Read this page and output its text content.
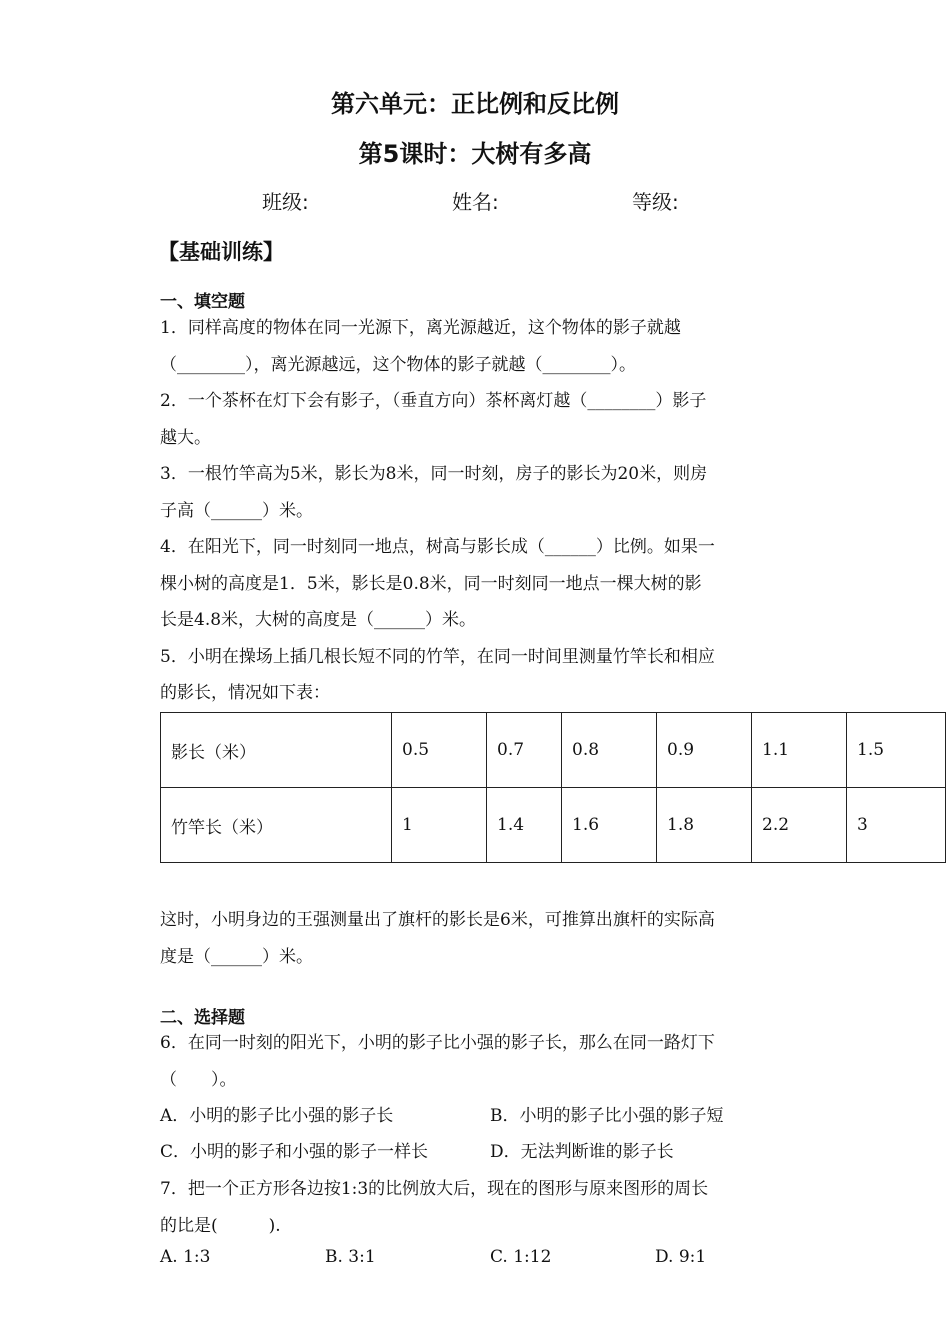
第六单元：正比例和反比例
第5课时：大树有多高
班级:	姓名:	等级:
【基础训练】
一、填空题
1．同样高度的物体在同一光源下，离光源越近，这个物体的影子就越
（________），离光源越远，这个物体的影子就越（________）。
2．一个茶杯在灯下会有影子，（垂直方向）茶杯离灯越（________）影子
越大。
3．一根竹竿高为5米，影长为8米，同一时刻，房子的影长为20米，则房
子高（______）米。
4．在阳光下，同一时刻同一地点，树高与影长成（______）比例。如果一
棵小树的高度是1．5米，影长是0.8米，同一时刻同一地点一棵大树的影
长是4.8米，大树的高度是（______）米。
5．小明在操场上插几根长短不同的竹竿，在同一时间里测量竹竿长和相应
的影长，情况如下表：
影长（米）	0.5	0.7	0.8	0.9	1.1	1.5
竹竿长（米）	1	1.4	1.6	1.8	2.2	3
这时，小明身边的王强测量出了旗杆的影长是6米，可推算出旗杆的实际高
度是（______）米。
二、选择题
6．在同一时刻的阳光下，小明的影子比小强的影子长，那么在同一路灯下
（　　）。
A．小明的影子比小强的影子长	B．小明的影子比小强的影子短
C．小明的影子和小强的影子一样长	D．无法判断谁的影子长
7．把一个正方形各边按1:3的比例放大后，现在的图形与原来图形的周长
的比是(　　　).
A. 1:3	B. 3:1	C. 1:12	D. 9:1
